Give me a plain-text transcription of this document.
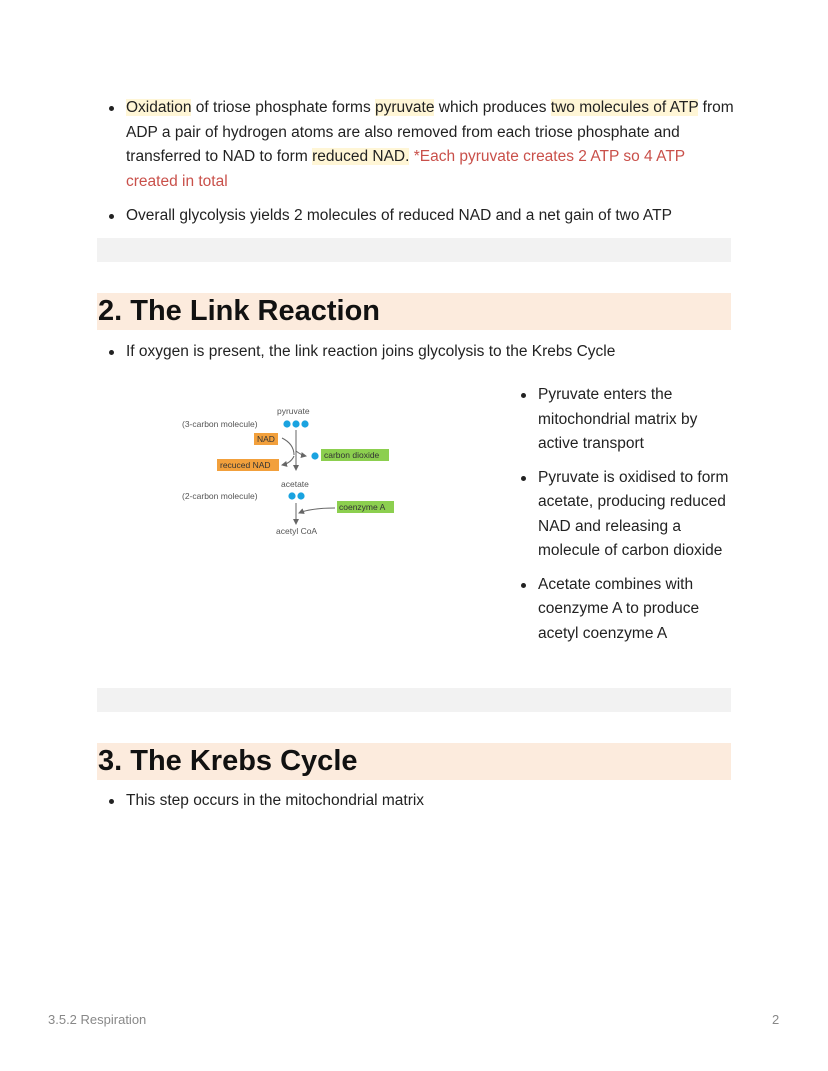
Oxidation of triose phosphate forms pyruvate which produces two molecules of ATP from ADP a pair of hydrogen atoms are also removed from each triose phosphate and transferred to NAD to form reduced NAD. *Each pyruvate creates 2 ATP so 4 ATP created in total
Overall glycolysis yields 2 molecules of reduced NAD and a net gain of two ATP
2. The Link Reaction
If oxygen is present, the link reaction joins glycolysis to the Krebs Cycle
pyruvate
(3-carbon molecule)
NAD
carbon dioxide
recuced NAD
acetate
(2-carbon molecule)
coenzyme A
acetyl CoA
Pyruvate enters the mitochondrial matrix by active transport
Pyruvate is oxidised to form acetate, producing reduced NAD and releasing a molecule of carbon dioxide
Acetate combines with coenzyme A to produce acetyl coenzyme A
3. The Krebs Cycle
This step occurs in the mitochondrial matrix
3.5.2 Respiration	2
